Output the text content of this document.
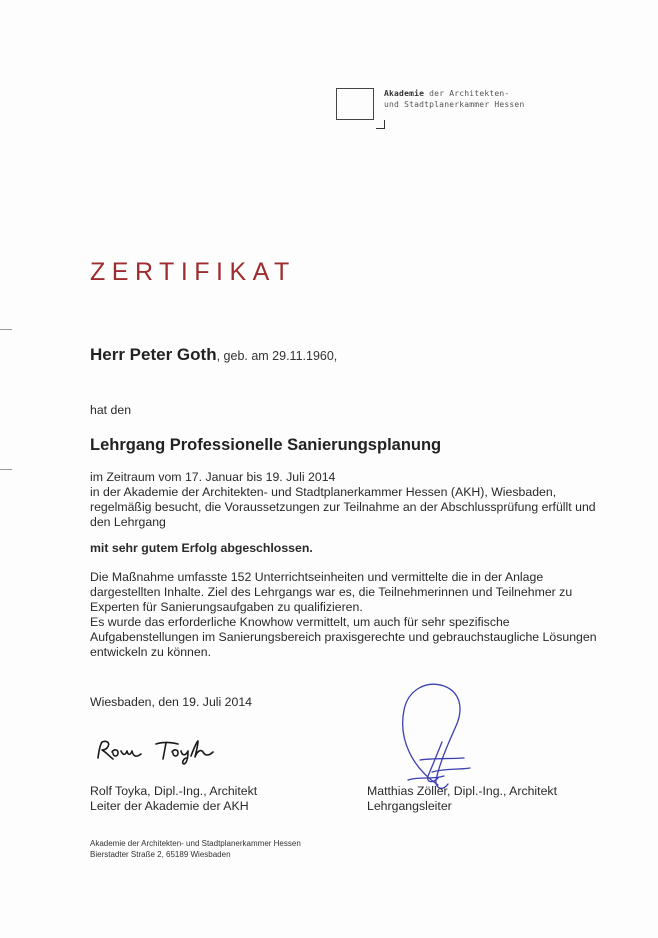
Akademie der Architekten-
und Stadtplanerkammer Hessen
ZERTIFIKAT
Herr Peter Goth, geb. am 29.11.1960,
hat den
Lehrgang Professionelle Sanierungsplanung
im Zeitraum vom 17. Januar bis 19. Juli 2014
in der Akademie der Architekten- und Stadtplanerkammer Hessen (AKH), Wiesbaden,
regelmäßig besucht, die Voraussetzungen zur Teilnahme an der Abschlussprüfung erfüllt und
den Lehrgang
mit sehr gutem Erfolg abgeschlossen.
Die Maßnahme umfasste 152 Unterrichtseinheiten und vermittelte die in der Anlage
dargestellten Inhalte. Ziel des Lehrgangs war es, die Teilnehmerinnen und Teilnehmer zu
Experten für Sanierungsaufgaben zu qualifizieren.
Es wurde das erforderliche Knowhow vermittelt, um auch für sehr spezifische
Aufgabenstellungen im Sanierungsbereich praxisgerechte und gebrauchstaugliche Lösungen
entwickeln zu können.
Wiesbaden, den 19. Juli 2014
Rolf Toyka, Dipl.-Ing., Architekt
Leiter der Akademie der AKH
Matthias Zöller, Dipl.-Ing., Architekt
Lehrgangsleiter
Akademie der Architekten- und Stadtplanerkammer Hessen
Bierstadter Straße 2, 65189 Wiesbaden
